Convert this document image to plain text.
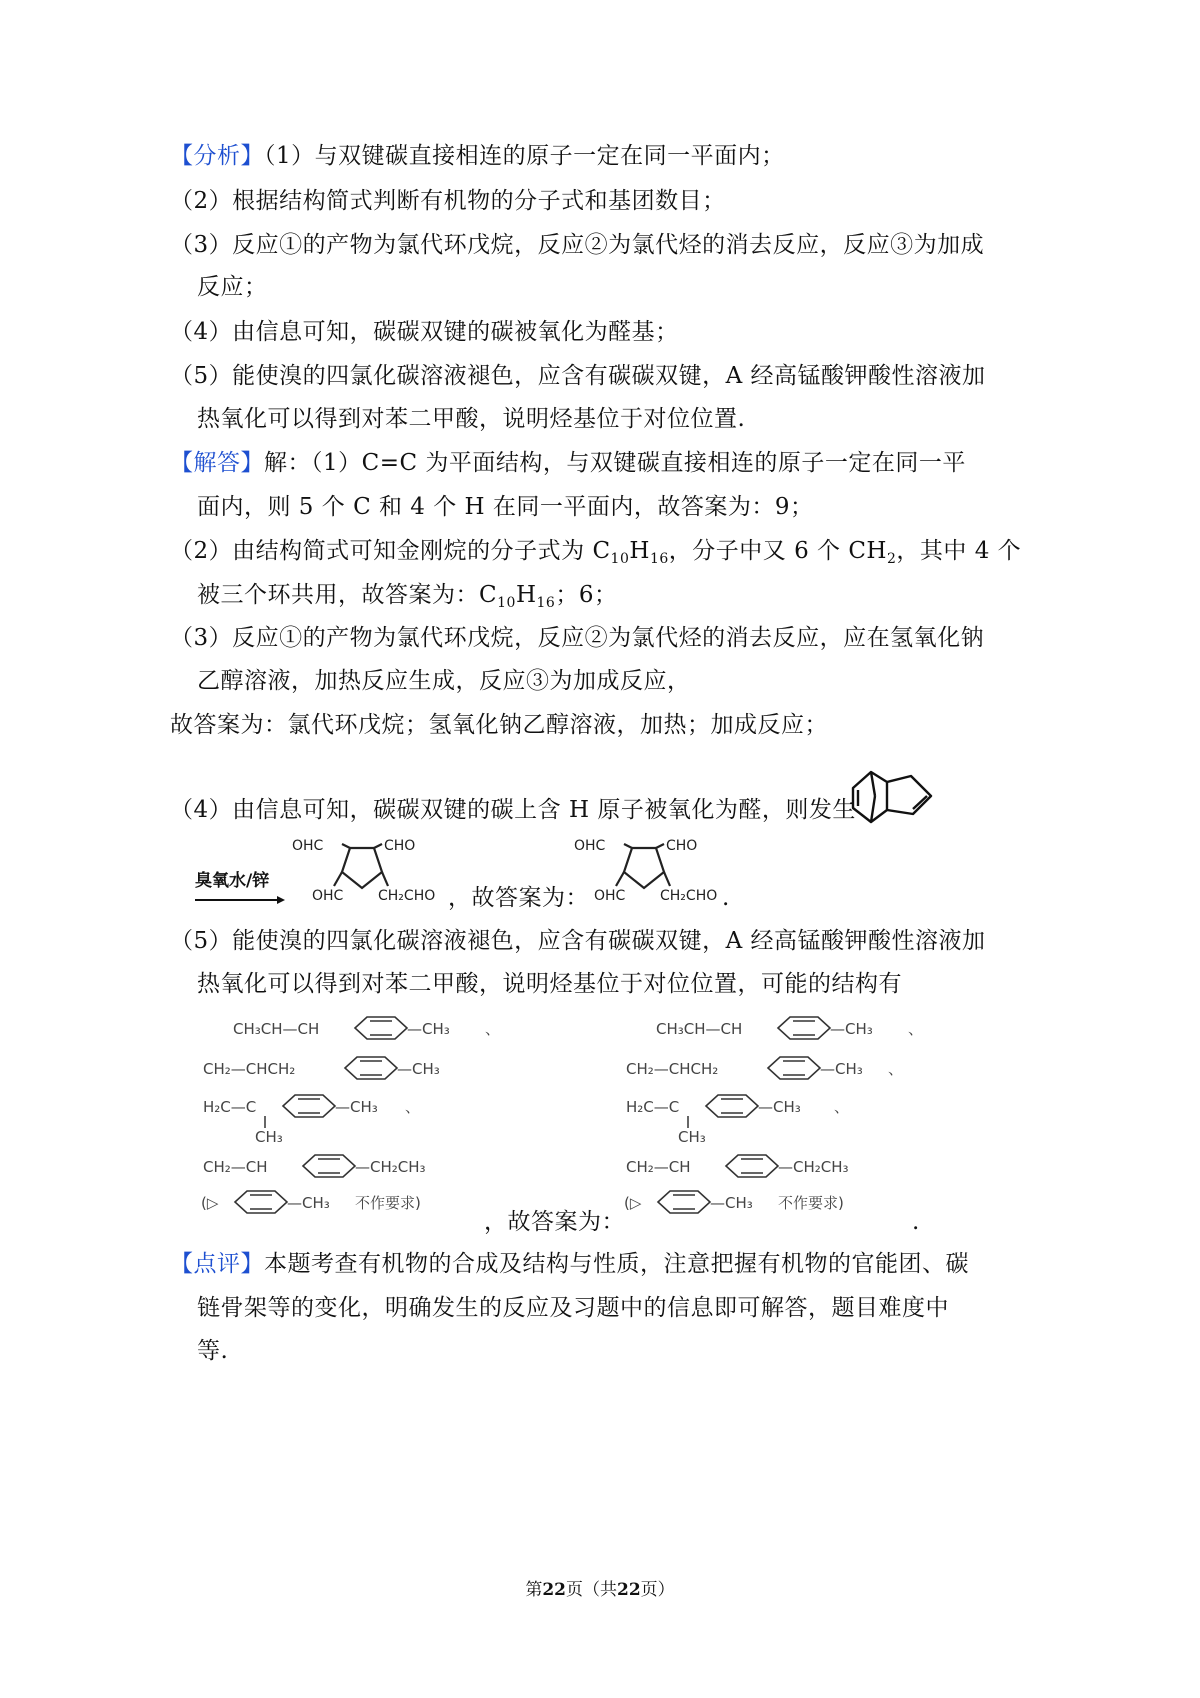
【分析】（1）与双键碳直接相连的原子一定在同一平面内；
（2）根据结构简式判断有机物的分子式和基团数目；
（3）反应①的产物为氯代环戊烷，反应②为氯代烃的消去反应，反应③为加成
反应；
（4）由信息可知，碳碳双键的碳被氧化为醛基；
（5）能使溴的四氯化碳溶液褪色，应含有碳碳双键，A 经高锰酸钾酸性溶液加
热氧化可以得到对苯二甲酸，说明烃基位于对位位置.
【解答】解：（1）C=C 为平面结构，与双键碳直接相连的原子一定在同一平
面内，则 5 个 C 和 4 个 H 在同一平面内，故答案为：9；
（2）由结构简式可知金刚烷的分子式为 $C_{10}H_{16}$，分子中又 6 个 $CH_2$，其中 4 个
被三个环共用，故答案为：$C_{10}H_{16}$；6；
（3）反应①的产物为氯代环戊烷，反应②为氯代烃的消去反应，应在氢氧化钠
乙醇溶液，加热反应生成，反应③为加成反应，
故答案为：氯代环戊烷；氢氧化钠乙醇溶液，加热；加成反应；
（4）由信息可知，碳碳双键的碳上含 H 原子被氧化为醛，则发生
臭氧水/锌
OHC	CHO
OHC CH₂CHO ，故答案为：
OHC	CHO
OHC CH₂CHO .
（5）能使溴的四氯化碳溶液褪色，应含有碳碳双键，A 经高锰酸钾酸性溶液加
热氧化可以得到对苯二甲酸，说明烃基位于对位位置，可能的结构有
CH₃CH—CH	—CH₃ 、
CH₂—CHCH₂	—CH₃
H₂C—C	—CH₃ 、
CH₃
CH₂—CH	—CH₂CH₃
(▷	—CH₃ 不作要求)
，故答案为：
CH₃CH—CH	—CH₃ 、
CH₂—CHCH₂	—CH₃ 、
H₂C—C	—CH₃ 、
CH₃
CH₂—CH	—CH₂CH₃
(▷	—CH₃ 不作要求)
.
【点评】本题考查有机物的合成及结构与性质，注意把握有机物的官能团、碳
链骨架等的变化，明确发生的反应及习题中的信息即可解答，题目难度中
等.
第22页（共22页）
